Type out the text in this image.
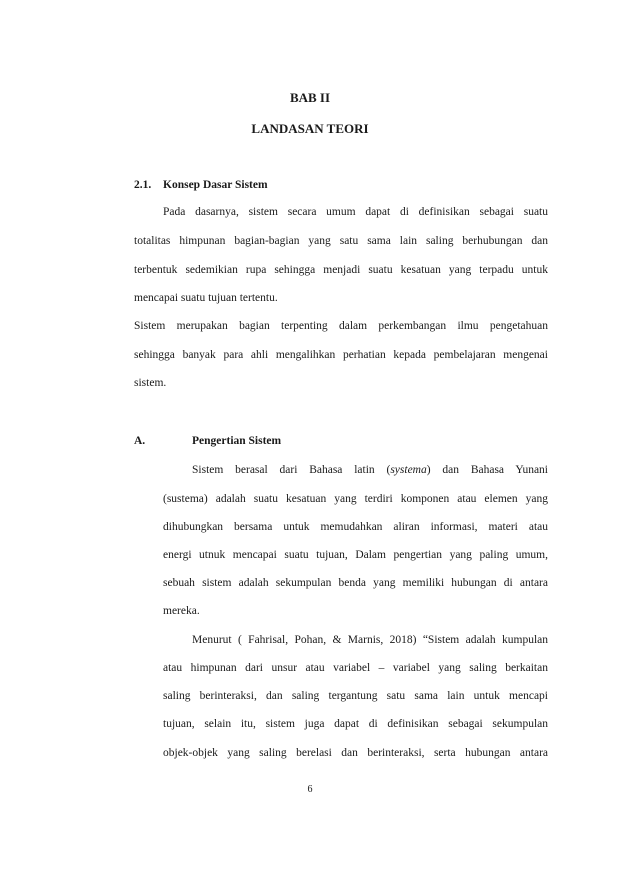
BAB II
LANDASAN TEORI
2.1. Konsep Dasar Sistem
Pada dasarnya, sistem secara umum dapat di definisikan sebagai suatu
totalitas himpunan bagian-bagian yang satu sama lain saling berhubungan dan
terbentuk sedemikian rupa sehingga menjadi suatu kesatuan yang terpadu untuk
mencapai suatu tujuan tertentu.
Sistem merupakan bagian terpenting dalam perkembangan ilmu pengetahuan
sehingga banyak para ahli mengalihkan perhatian kepada pembelajaran mengenai
sistem.
A.	Pengertian Sistem
Sistem berasal dari Bahasa latin (systema) dan Bahasa Yunani
(sustema) adalah suatu kesatuan yang terdiri komponen atau elemen yang
dihubungkan bersama untuk memudahkan aliran informasi, materi atau
energi utnuk mencapai suatu tujuan, Dalam pengertian yang paling umum,
sebuah sistem adalah sekumpulan benda yang memiliki hubungan di antara
mereka.
Menurut ( Fahrisal, Pohan, & Marnis, 2018) “Sistem adalah kumpulan
atau himpunan dari unsur atau variabel – variabel yang saling berkaitan
saling berinteraksi, dan saling tergantung satu sama lain untuk mencapi
tujuan, selain itu, sistem juga dapat di definisikan sebagai sekumpulan
objek-objek yang saling berelasi dan berinteraksi, serta hubungan antara
6
